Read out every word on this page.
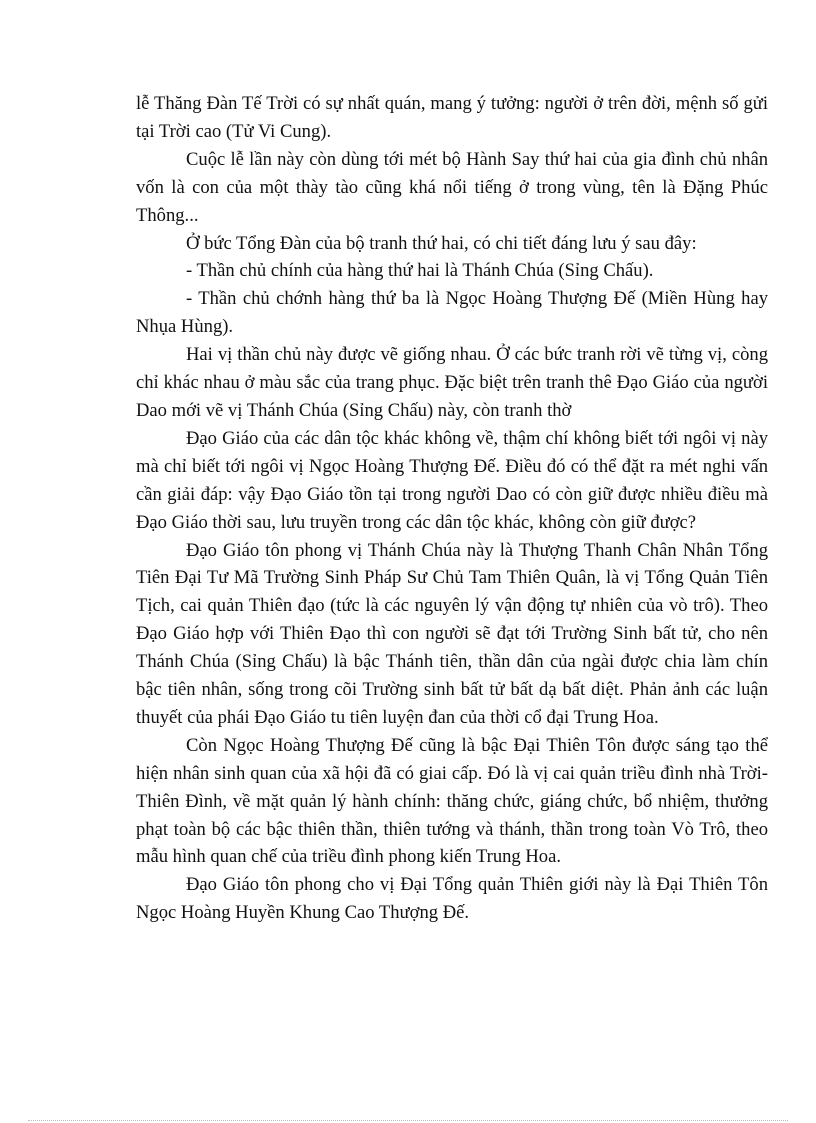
lễ Thăng Đàn Tế Trời có sự nhất quán, mang ý tưởng: người ở trên đời, mệnh số gửi tại Trời cao (Tử Vi Cung).

Cuộc lễ lần này còn dùng tới mét bộ Hành Say thứ hai của gia đình chủ nhân vốn là con của một thày tào cũng khá nổi tiếng ở trong vùng, tên là Đặng Phúc Thông...

Ở bức Tổng Đàn của bộ tranh thứ hai, có chi tiết đáng lưu ý sau đây:

- Thần chủ chính của hàng thứ hai là Thánh Chúa (Sỉng Chấu).

- Thần chủ chớnh hàng thứ ba là Ngọc Hoàng Thượng Đế (Miền Hùng hay Nhụa Hùng).

Hai vị thần chủ này được vẽ giống nhau. Ở các bức tranh rời vẽ từng vị, còng chỉ khác nhau ở màu sắc của trang phục. Đặc biệt trên tranh thê Đạo Giáo của người Dao mới vẽ vị Thánh Chúa (Sỉng Chấu) này, còn tranh thờ

Đạo Giáo của các dân tộc khác không về, thậm chí không biết tới ngôi vị này mà chỉ biết tới ngôi vị Ngọc Hoàng Thượng Đế. Điều đó có thể đặt ra mét nghi vấn cần giải đáp: vậy Đạo Giáo tồn tại trong người Dao có còn giữ được nhiều điều mà Đạo Giáo thời sau, lưu truyền trong các dân tộc khác, không còn giữ được?

Đạo Giáo tôn phong vị Thánh Chúa này là Thượng Thanh Chân Nhân Tổng Tiên Đại Tư Mã Trường Sinh Pháp Sư Chủ Tam Thiên Quân, là vị Tổng Quản Tiên Tịch, cai quản Thiên đạo (tức là các nguyên lý vận động tự nhiên của vò trô). Theo Đạo Giáo hợp với Thiên Đạo thì con người sẽ đạt tới Trường Sinh bất tử, cho nên Thánh Chúa (Sỉng Chấu) là bậc Thánh tiên, thần dân của ngài được chia làm chín bậc tiên nhân, sống trong cõi Trường sinh bất tử bất dạ bất diệt. Phản ảnh các luận thuyết của phái Đạo Giáo tu tiên luyện đan của thời cổ đại Trung Hoa.

Còn Ngọc Hoàng Thượng Đế cũng là bậc Đại Thiên Tôn được sáng tạo thể hiện nhân sinh quan của xã hội đã có giai cấp. Đó là vị cai quản triều đình nhà Trời- Thiên Đình, về mặt quản lý hành chính: thăng chức, giáng chức, bổ nhiệm, thưởng phạt toàn bộ các bậc thiên thần, thiên tướng và thánh, thần trong toàn Vò Trô, theo mẫu hình quan chế của triều đình phong kiến Trung Hoa.

Đạo Giáo tôn phong cho vị Đại Tổng quản Thiên giới này là Đại Thiên Tôn Ngọc Hoàng Huyền Khung Cao Thượng Đế.
